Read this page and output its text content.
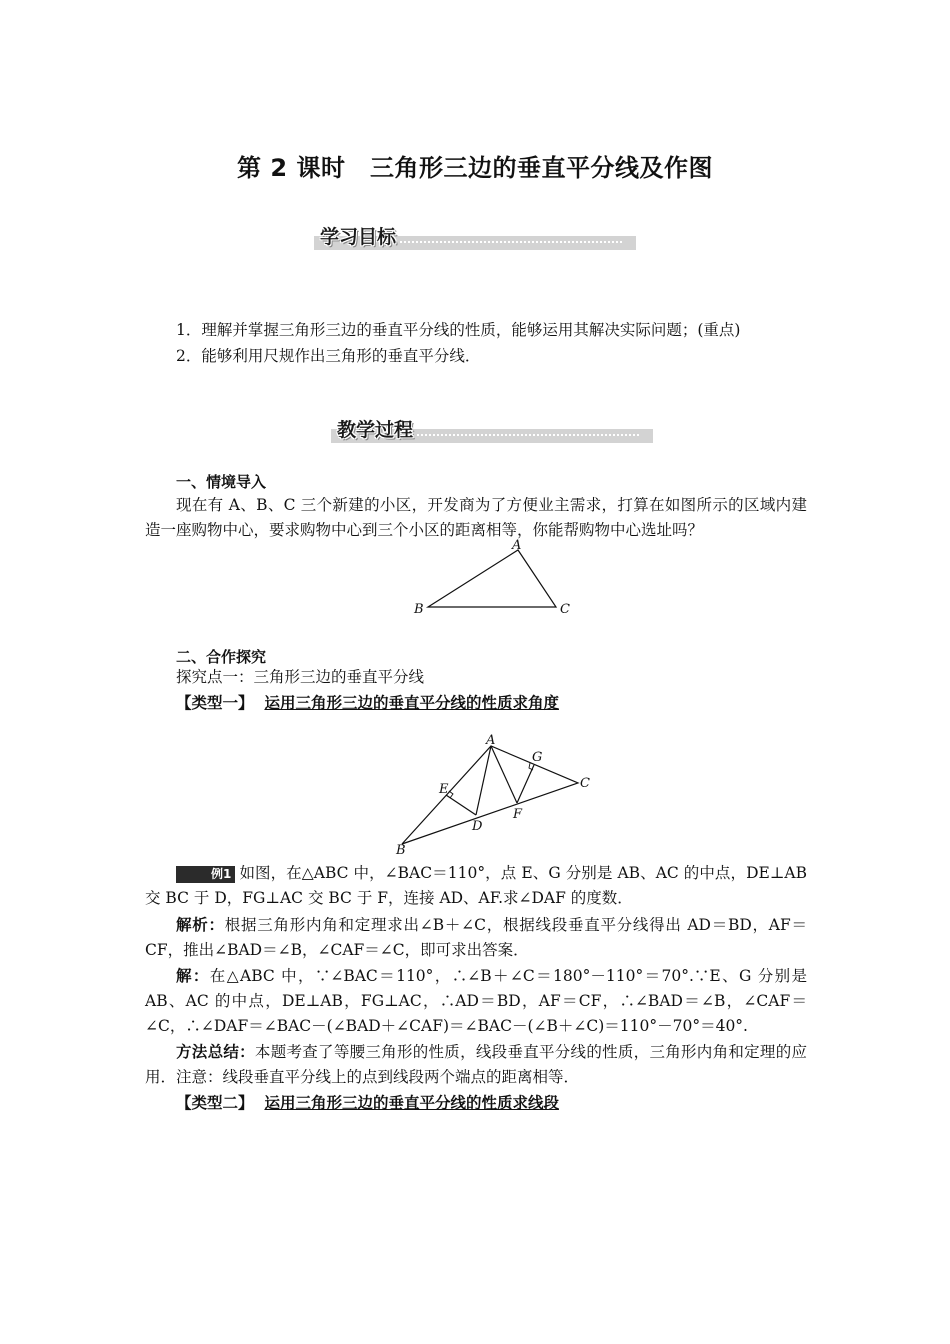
第 2 课时　三角形三边的垂直平分线及作图
学习目标
1．理解并掌握三角形三边的垂直平分线的性质，能够运用其解决实际问题；(重点)
2．能够利用尺规作出三角形的垂直平分线．
教学过程
一、情境导入
现在有 A、B、C 三个新建的小区，开发商为了方便业主需求，打算在如图所示的区域内建造一座购物中心，要求购物中心到三个小区的距离相等，你能帮购物中心选址吗？
A
B	C
二、合作探究
探究点一：三角形三边的垂直平分线
【类型一】 运用三角形三边的垂直平分线的性质求角度
A
B
C
D
E
F
G
例1 如图，在△ABC 中，∠BAC＝110°，点 E、G 分别是 AB、AC 的中点，DE⊥AB 交 BC 于 D，FG⊥AC 交 BC 于 F，连接 AD、AF.求∠DAF 的度数．
解析：根据三角形内角和定理求出∠B＋∠C，根据线段垂直平分线得出 AD＝BD，AF＝CF，推出∠BAD＝∠B，∠CAF＝∠C，即可求出答案．
解：在△ABC 中，∵∠BAC＝110°，∴∠B＋∠C＝180°－110°＝70°.∵E、G 分别是 AB、AC 的中点，DE⊥AB，FG⊥AC，∴AD＝BD，AF＝CF，∴∠BAD＝∠B，∠CAF＝∠C，∴∠DAF＝∠BAC－(∠BAD＋∠CAF)＝∠BAC－(∠B＋∠C)＝110°－70°＝40°.
方法总结：本题考查了等腰三角形的性质，线段垂直平分线的性质，三角形内角和定理的应用．注意：线段垂直平分线上的点到线段两个端点的距离相等．
【类型二】 运用三角形三边的垂直平分线的性质求线段
